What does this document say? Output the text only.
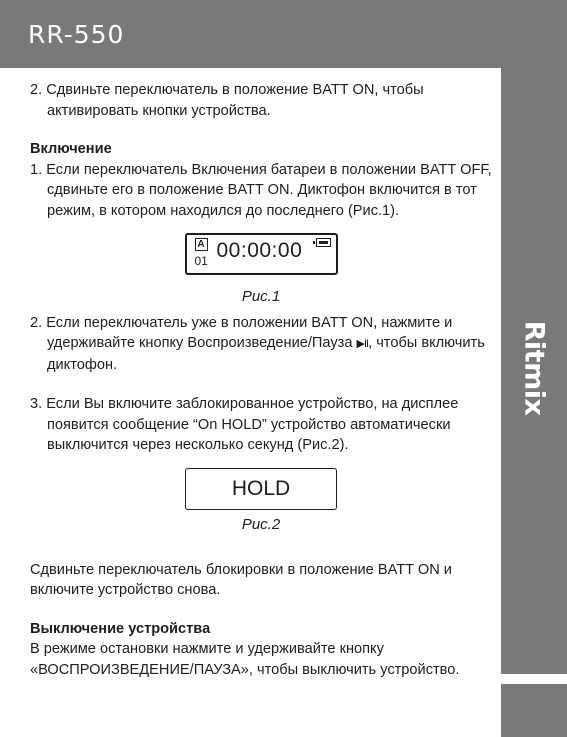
RR-550
Ritmix

2. Сдвиньте переключатель в положение BATT ON, чтобы активировать кнопки устройства.

Включение

1. Если переключатель Включения батареи в положении BATT OFF, сдвиньте его в положение BATT ON. Диктофон включится в тот режим, в котором находился до последнего (Рис.1).

A
01 00:00:00
Рис.1

2. Если переключатель уже в положении BATT ON, нажмите и удерживайте кнопку Воспроизведение/Пауза ▶II, чтобы включить диктофон.

3. Если Вы включите заблокированное устройство, на дисплее появится сообщение “On HOLD” устройство автоматически выключится через несколько секунд (Рис.2).

HOLD
Рис.2

Сдвиньте переключатель блокировки в положение BATT ON и включите устройство снова.

Выключение устройства

В режиме остановки нажмите и удерживайте кнопку «ВОСПРОИЗВЕДЕНИЕ/ПАУЗА», чтобы выключить устройство.
